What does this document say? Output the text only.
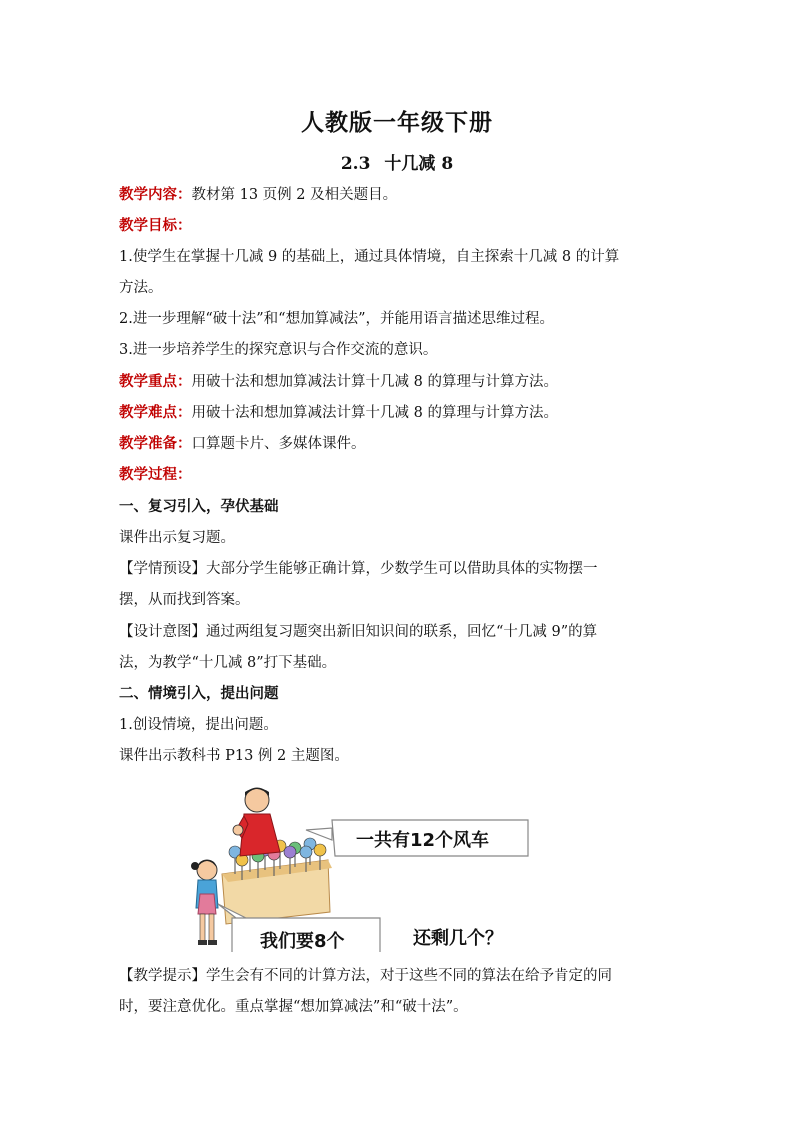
人教版一年级下册
2.3 十几减 8
教学内容：教材第 13 页例 2 及相关题目。
教学目标：
1.使学生在掌握十几减 9 的基础上，通过具体情境，自主探索十几减 8 的计算
方法。
2.进一步理解“破十法”和“想加算减法”，并能用语言描述思维过程。
3.进一步培养学生的探究意识与合作交流的意识。
教学重点：用破十法和想加算减法计算十几减 8 的算理与计算方法。
教学难点：用破十法和想加算减法计算十几减 8 的算理与计算方法。
教学准备：口算题卡片、多媒体课件。
教学过程：
一、复习引入，孕伏基础
课件出示复习题。
【学情预设】大部分学生能够正确计算，少数学生可以借助具体的实物摆一
摆，从而找到答案。
【设计意图】通过两组复习题突出新旧知识间的联系，回忆“十几减 9”的算
法，为教学“十几减 8”打下基础。
二、情境引入，提出问题
1.创设情境，提出问题。
课件出示教科书 P13 例 2 主题图。
一共有12个风车
我们要8个	还剩几个？
【教学提示】学生会有不同的计算方法，对于这些不同的算法在给予肯定的同
时，要注意优化。重点掌握“想加算减法”和“破十法”。
